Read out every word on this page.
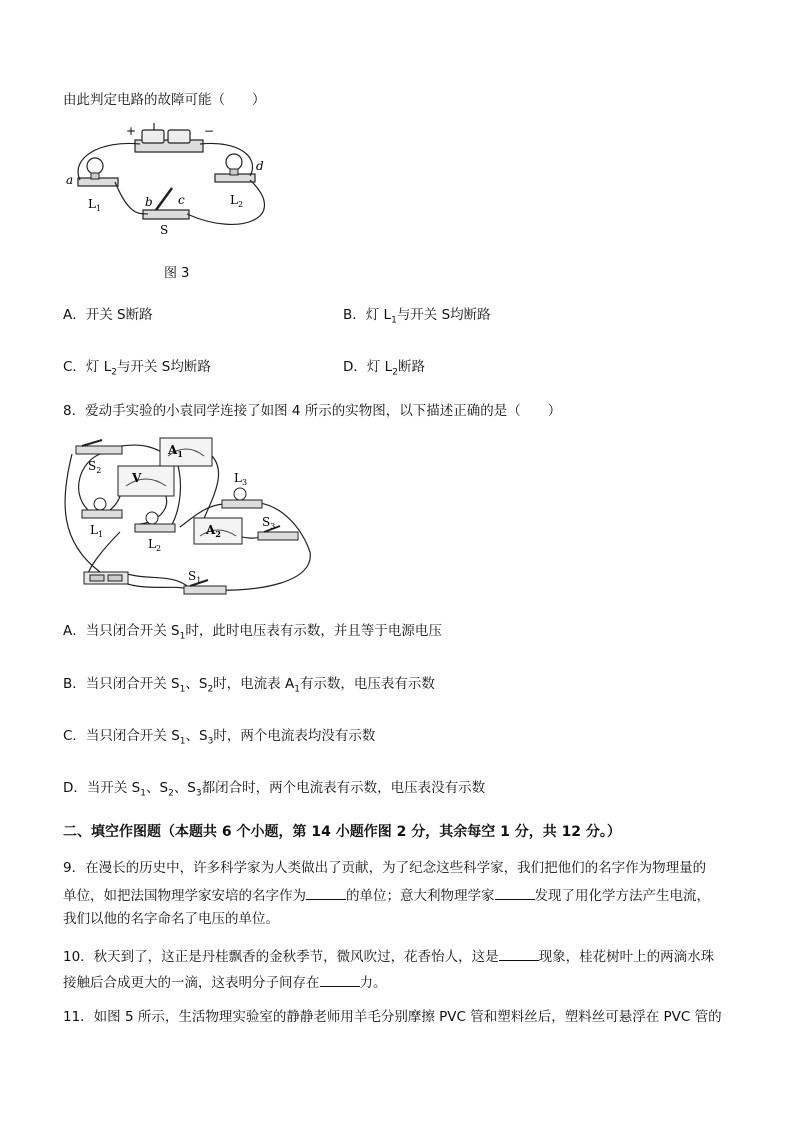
由此判定电路的故障可能（　　）
+	−
a
b c
d
$L_1$
$L_2$
S
图 3
A．开关 S断路	B．灯 $L_1$与开关 S均断路
C．灯 $L_2$与开关 S均断路	D．灯 $L_2$断路
8．爱动手实验的小袁同学连接了如图 4 所示的实物图，以下描述正确的是（　　）
$S_2$
$A_1$
V	$L_3$
$L_1$
$L_2$
$A_2$
$S_3$
$S_1$
A．当只闭合开关 $S_1$时，此时电压表有示数，并且等于电源电压
B．当只闭合开关 $S_1$、$S_2$时，电流表 $A_1$有示数，电压表有示数
C．当只闭合开关 $S_1$、$S_3$时，两个电流表均没有示数
D．当开关 $S_1$、$S_2$、$S_3$都闭合时，两个电流表有示数，电压表没有示数
二、填空作图题（本题共 6 个小题，第 14 小题作图 2 分，其余每空 1 分，共 12 分。）
9．在漫长的历史中，许多科学家为人类做出了贡献，为了纪念这些科学家，我们把他们的名字作为物理量的
单位，如把法国物理学家安培的名字作为	的单位；意大利物理学家	发现了用化学方法产生电流，
我们以他的名字命名了电压的单位。
10．秋天到了，这正是丹桂飘香的金秋季节，微风吹过，花香怡人，这是	现象，桂花树叶上的两滴水珠
接触后合成更大的一滴，这表明分子间存在	力。
11．如图 5 所示，生活物理实验室的静静老师用羊毛分别摩擦 PVC 管和塑料丝后，塑料丝可悬浮在 PVC 管的
